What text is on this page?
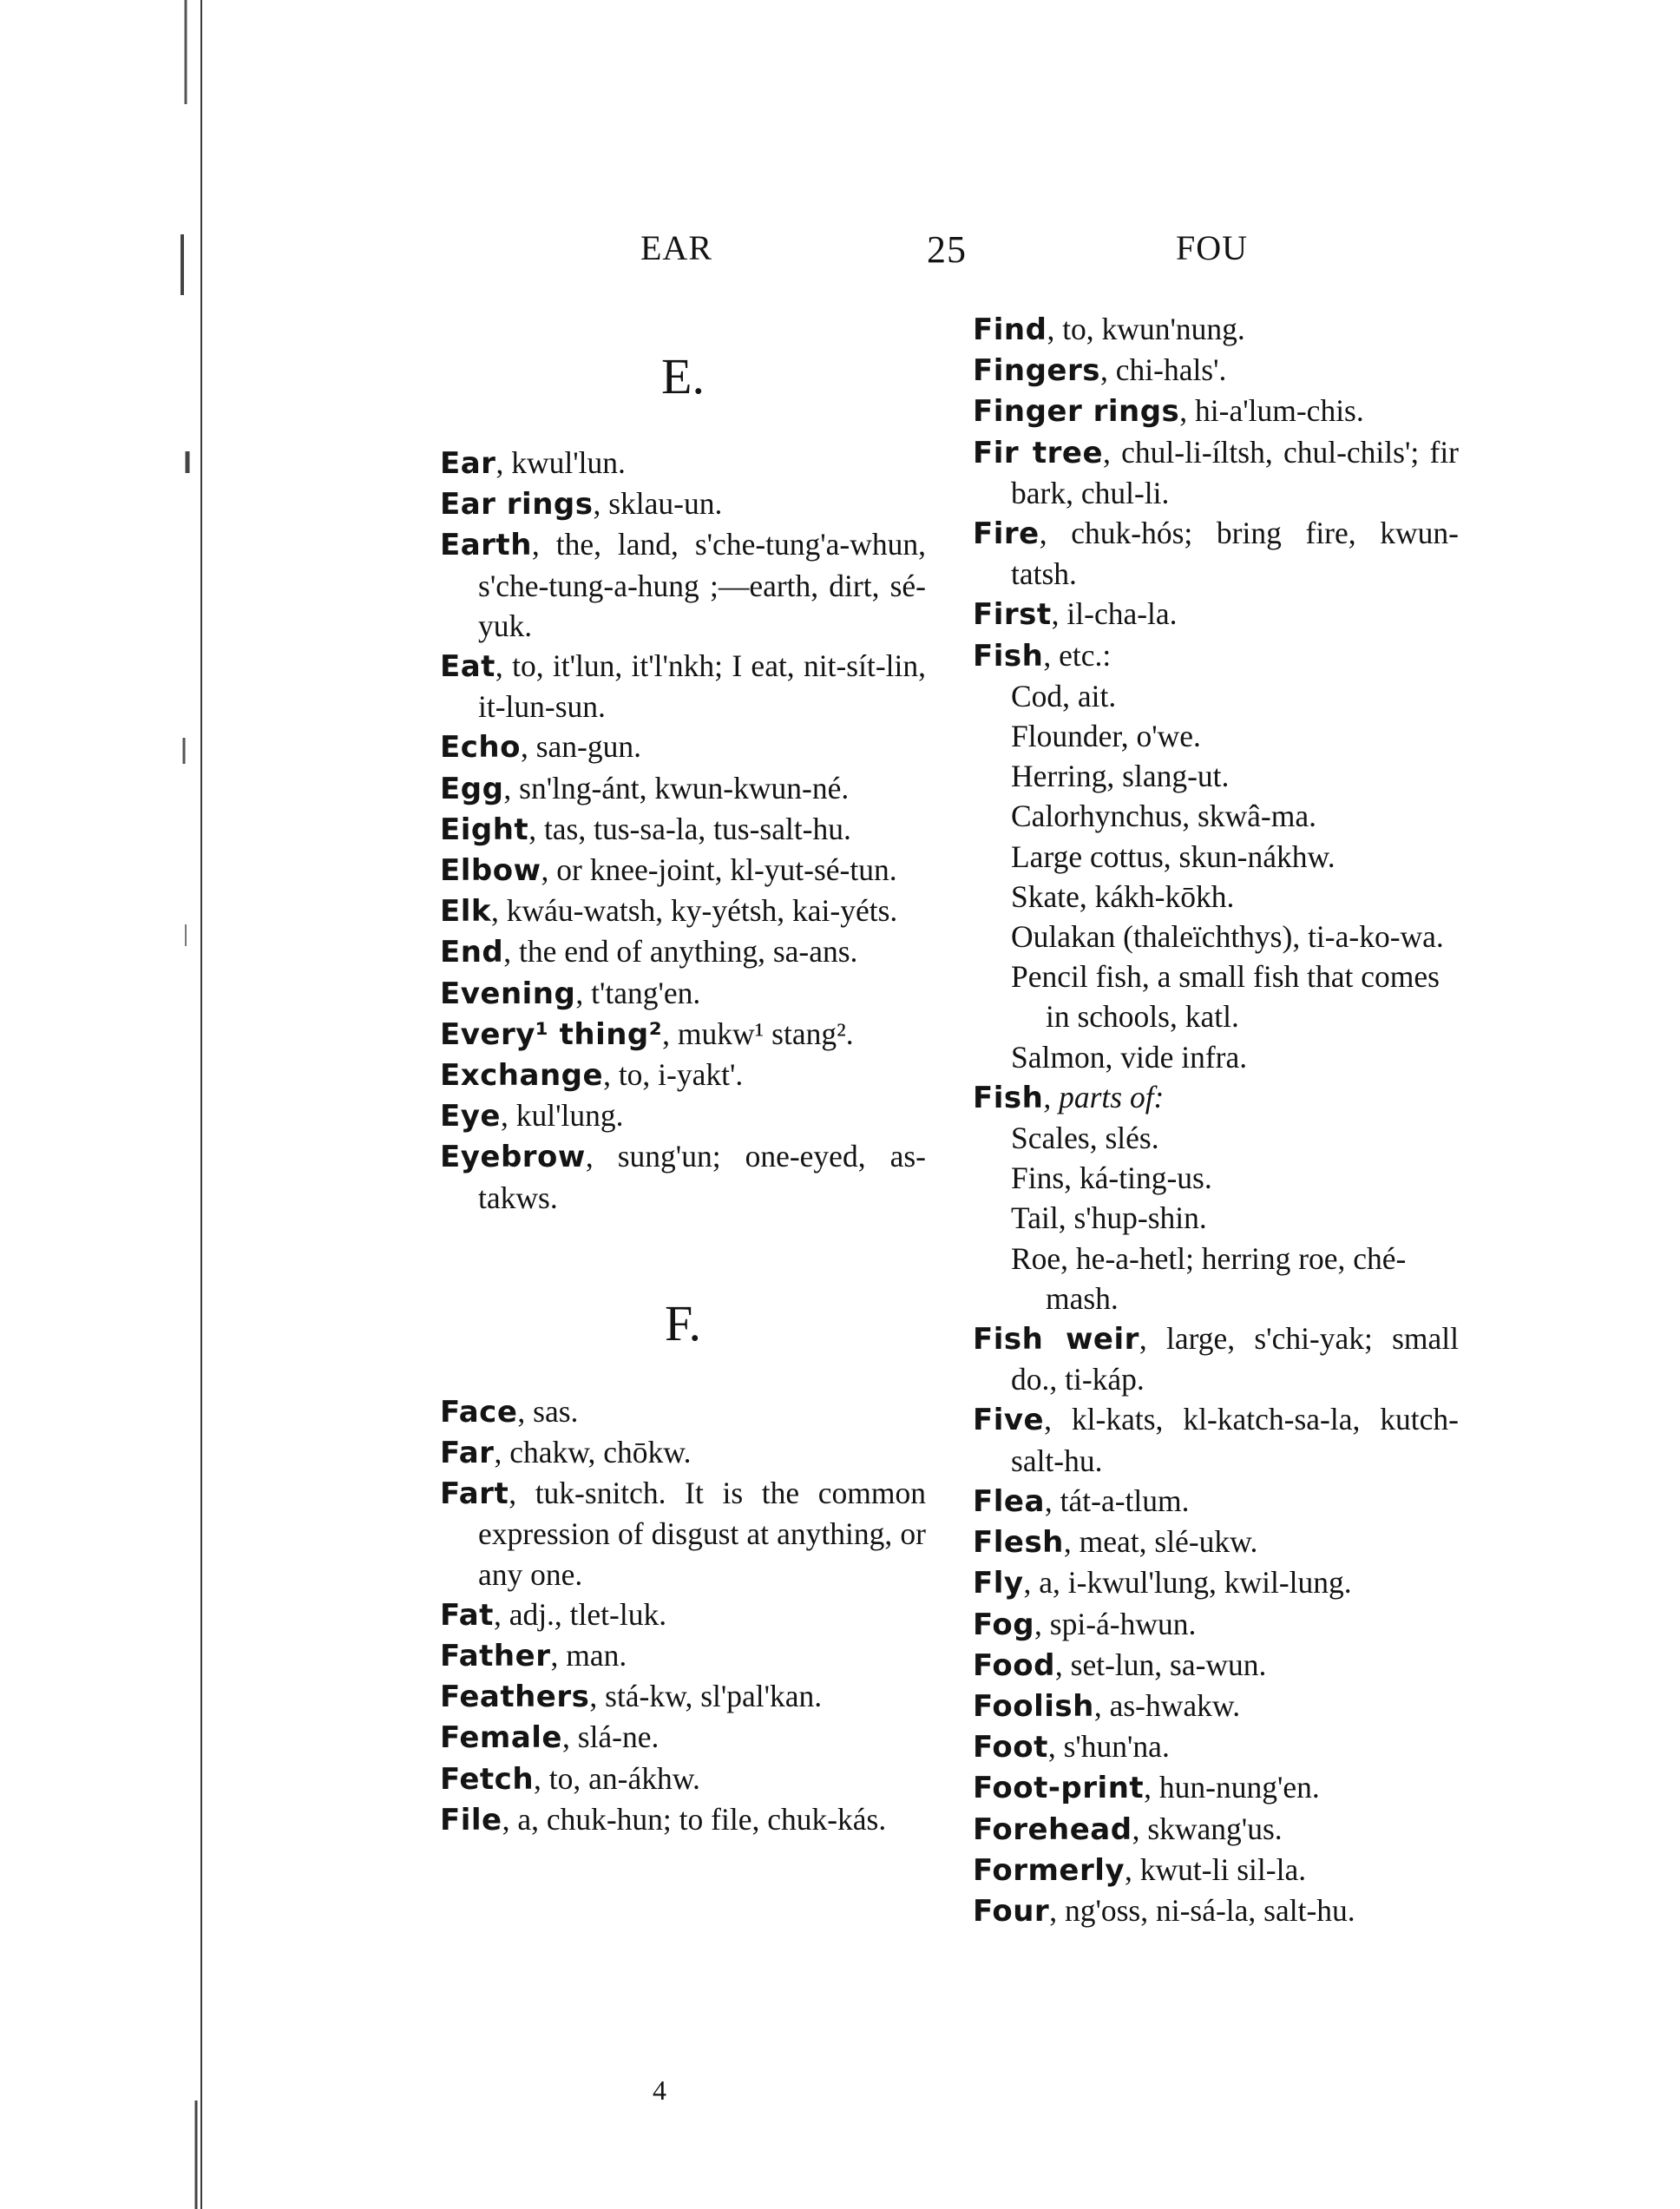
EAR	25	FOU
E.
Ear, kwul'lun.
Ear rings, sklau-un.
Earth, the, land, s'che-tung'a-whun, s'che-tung-a-hung ;—earth, dirt, sé-yuk.
Eat, to, it'lun, it'l'nkh; I eat, nit-sít-lin, it-lun-sun.
Echo, san-gun.
Egg, sn'lng-ánt, kwun-kwun-né.
Eight, tas, tus-sa-la, tus-salt-hu.
Elbow, or knee-joint, kl-yut-sé-tun.
Elk, kwáu-watsh, ky-yétsh, kai-yéts.
End, the end of anything, sa-ans.
Evening, t'tang'en.
Every¹ thing², mukw¹ stang².
Exchange, to, i-yakt'.
Eye, kul'lung.
Eyebrow, sung'un; one-eyed, as-takws.
F.
Face, sas.
Far, chakw, chōkw.
Fart, tuk-snitch. It is the common expression of disgust at anything, or any one.
Fat, adj., tlet-luk.
Father, man.
Feathers, stá-kw, sl'pal'kan.
Female, slá-ne.
Fetch, to, an-ákhw.
File, a, chuk-hun; to file, chuk-kás.
Find, to, kwun'nung.
Fingers, chi-hals'.
Finger rings, hi-a'lum-chis.
Fir tree, chul-li-íltsh, chul-chils'; fir bark, chul-li.
Fire, chuk-hós; bring fire, kwun-tatsh.
First, il-cha-la.
Fish, etc.:
Cod, ait.
Flounder, o'we.
Herring, slang-ut.
Calorhynchus, skwâ-ma.
Large cottus, skun-nákhw.
Skate, kákh-kōkh.
Oulakan (thaleïchthys), ti-a-ko-wa.
Pencil fish, a small fish that comes in schools, katl.
Salmon, vide infra.
Fish, parts of:
Scales, slés.
Fins, ká-ting-us.
Tail, s'hup-shin.
Roe, he-a-hetl; herring roe, ché-mash.
Fish weir, large, s'chi-yak; small do., ti-káp.
Five, kl-kats, kl-katch-sa-la, kutch-salt-hu.
Flea, tát-a-tlum.
Flesh, meat, slé-ukw.
Fly, a, i-kwul'lung, kwil-lung.
Fog, spi-á-hwun.
Food, set-lun, sa-wun.
Foolish, as-hwakw.
Foot, s'hun'na.
Foot-print, hun-nung'en.
Forehead, skwang'us.
Formerly, kwut-li sil-la.
Four, ng'oss, ni-sá-la, salt-hu.
4
